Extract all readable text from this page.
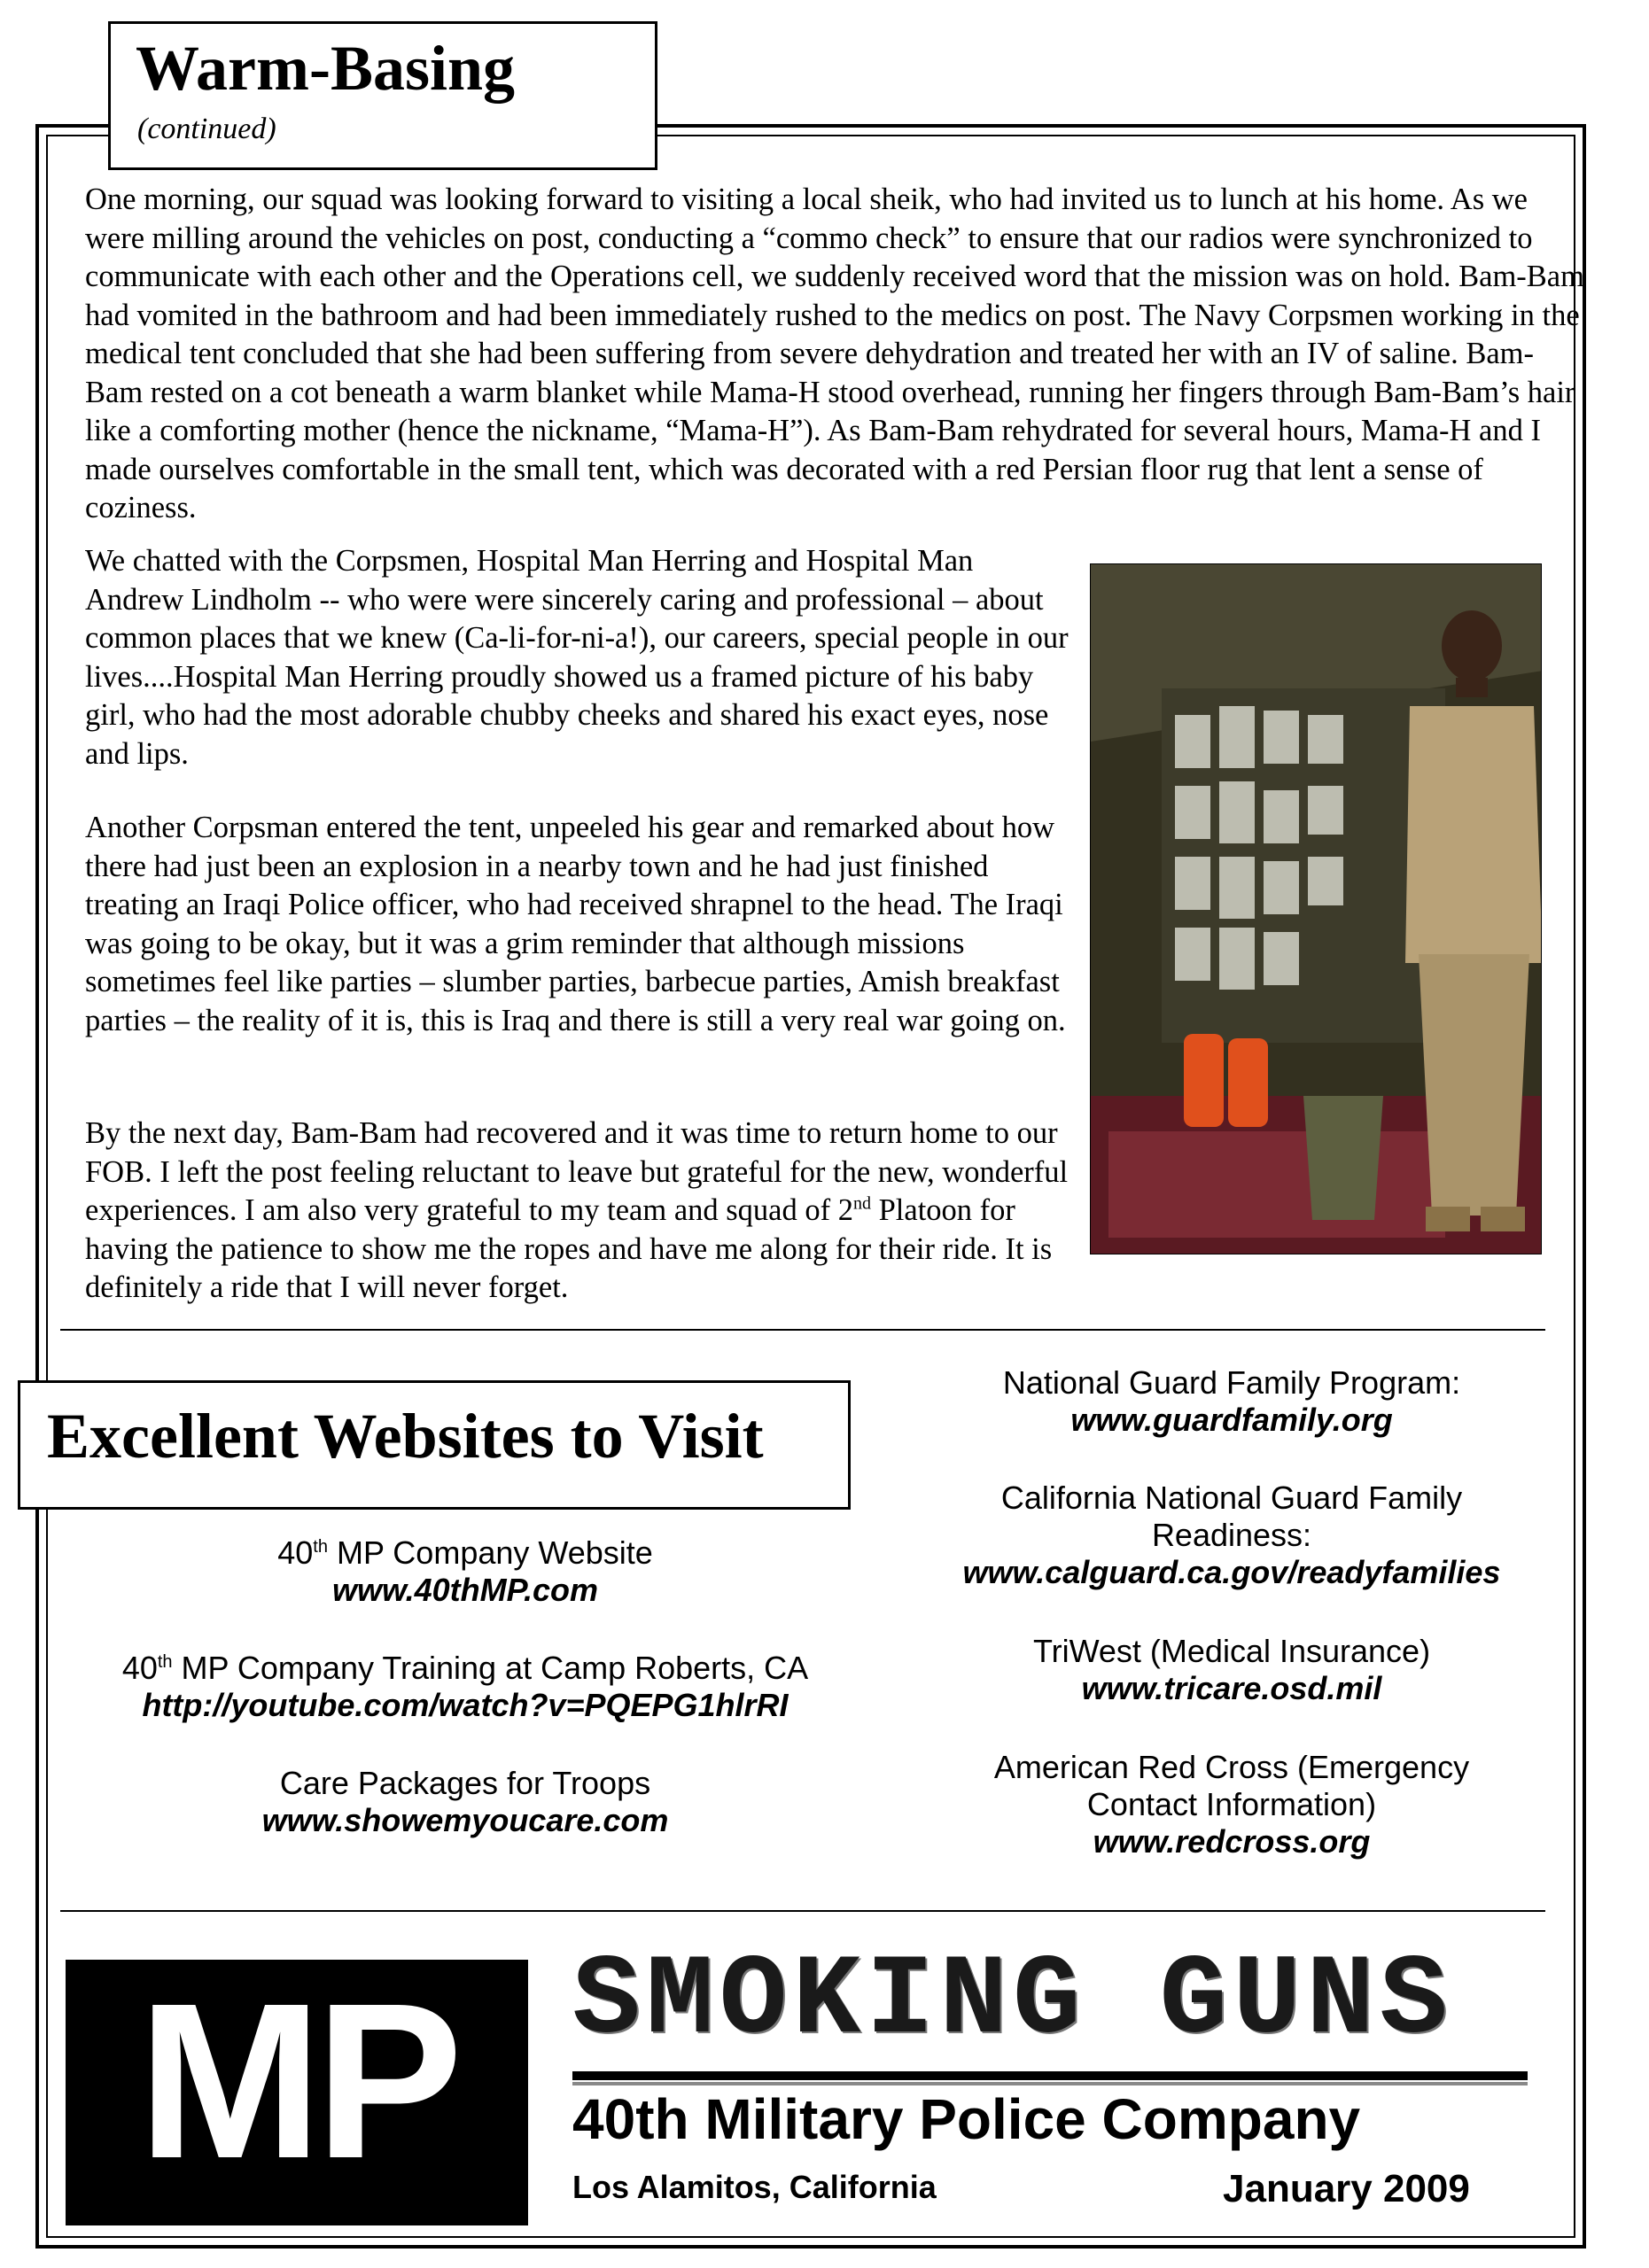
Warm-Basing
(continued)
One morning, our squad was looking forward to visiting a local sheik, who had invited us to lunch at his home. As we were milling around the vehicles on post, conducting a “commo check” to ensure that our radios were synchronized to communicate with each other and the Operations cell, we suddenly received word that the mission was on hold. Bam-Bam had vomited in the bathroom and had been immediately rushed to the medics on post. The Navy Corpsmen working in the medical tent concluded that she had been suffering from severe dehydration and treated her with an IV of saline. Bam-Bam rested on a cot beneath a warm blanket while Mama-H stood overhead, running her fingers through Bam-Bam’s hair like a comforting mother (hence the nickname, “Mama-H”). As Bam-Bam rehydrated for several hours, Mama-H and I made ourselves comfortable in the small tent, which was decorated with a red Persian floor rug that lent a sense of coziness.
We chatted with the Corpsmen, Hospital Man Herring and Hospital Man Andrew Lindholm -- who were were sincerely caring and professional – about common places that we knew (Ca-li-for-ni-a!), our careers, special people in our lives....Hospital Man Herring proudly showed us a framed picture of his baby girl, who had the most adorable chubby cheeks and shared his exact eyes, nose and lips.
Another Corpsman entered the tent, unpeeled his gear and remarked about how there had just been an explosion in a nearby town and he had just finished treating an Iraqi Police officer, who had received shrapnel to the head. The Iraqi was going to be okay, but it was a grim reminder that although missions sometimes feel like parties – slumber parties, barbecue parties, Amish breakfast parties – the reality of it is, this is Iraq and there is still a very real war going on.
By the next day, Bam-Bam had recovered and it was time to return home to our FOB. I left the post feeling reluctant to leave but grateful for the new, wonderful experiences. I am also very grateful to my team and squad of 2nd Platoon for having the patience to show me the ropes and have me along for their ride. It is definitely a ride that I will never forget.
Excellent Websites to Visit
40th MP Company Website
www.40thMP.com
40th MP Company Training at Camp Roberts, CA
http://youtube.com/watch?v=PQEPG1hlrRI
Care Packages for Troops
www.showemyoucare.com
National Guard Family Program:
www.guardfamily.org
California National Guard Family Readiness:
www.calguard.ca.gov/readyfamilies
TriWest (Medical Insurance)
www.tricare.osd.mil
American Red Cross (Emergency Contact Information)
www.redcross.org
MP	SMOKING GUNS
40th Military Police Company
Los Alamitos, California	January 2009
